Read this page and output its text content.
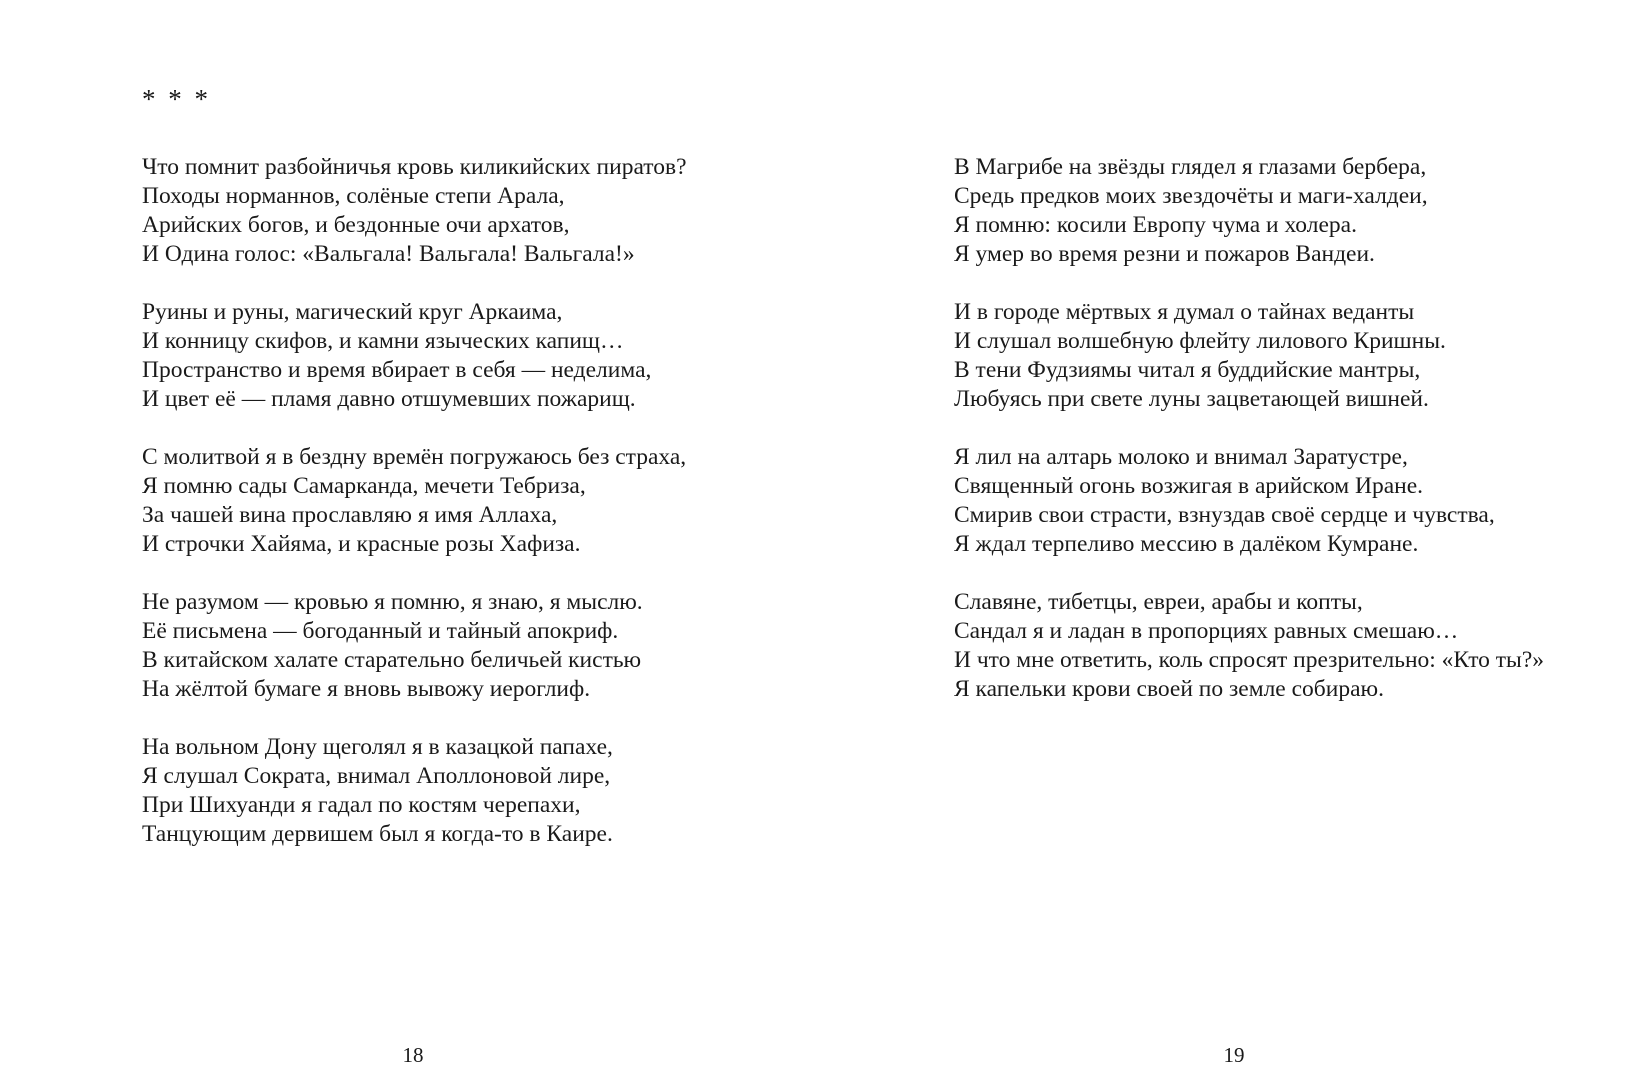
* * *

Что помнит разбойничья кровь киликийских пиратов?
Походы норманнов, солёные степи Арала,
Арийских богов, и бездонные очи архатов,
И Одина голос: «Вальгала! Вальгала! Вальгала!»
Руины и руны, магический круг Аркаима,
И конницу скифов, и камни языческих капищ…
Пространство и время вбирает в себя — неделима,
И цвет её — пламя давно отшумевших пожарищ.
С молитвой я в бездну времён погружаюсь без страха,
Я помню сады Самарканда, мечети Тебриза,
За чашей вина прославляю я имя Аллаха,
И строчки Хайяма, и красные розы Хафиза.
Не разумом — кровью я помню, я знаю, я мыслю.
Её письмена — богоданный и тайный апокриф.
В китайском халате старательно беличьей кистью
На жёлтой бумаге я вновь вывожу иероглиф.
На вольном Дону щеголял я в казацкой папахе,
Я слушал Сократа, внимал Аполлоновой лире,
При Шихуанди я гадал по костям черепахи,
Танцующим дервишем был я когда-то в Каире.

18

В Магрибе на звёзды глядел я глазами бербера,
Средь предков моих звездочёты и маги-халдеи,
Я помню: косили Европу чума и холера.
Я умер во время резни и пожаров Вандеи.
И в городе мёртвых я думал о тайнах веданты
И слушал волшебную флейту лилового Кришны.
В тени Фудзиямы читал я буддийские мантры,
Любуясь при свете луны зацветающей вишней.
Я лил на алтарь молоко и внимал Заратустре,
Священный огонь возжигая в арийском Иране.
Смирив свои страсти, взнуздав своё сердце и чувства,
Я ждал терпеливо мессию в далёком Кумране.
Славяне, тибетцы, евреи, арабы и копты,
Сандал я и ладан в пропорциях равных смешаю…
И что мне ответить, коль спросят презрительно: «Кто ты?»
Я капельки крови своей по земле собираю.

19
